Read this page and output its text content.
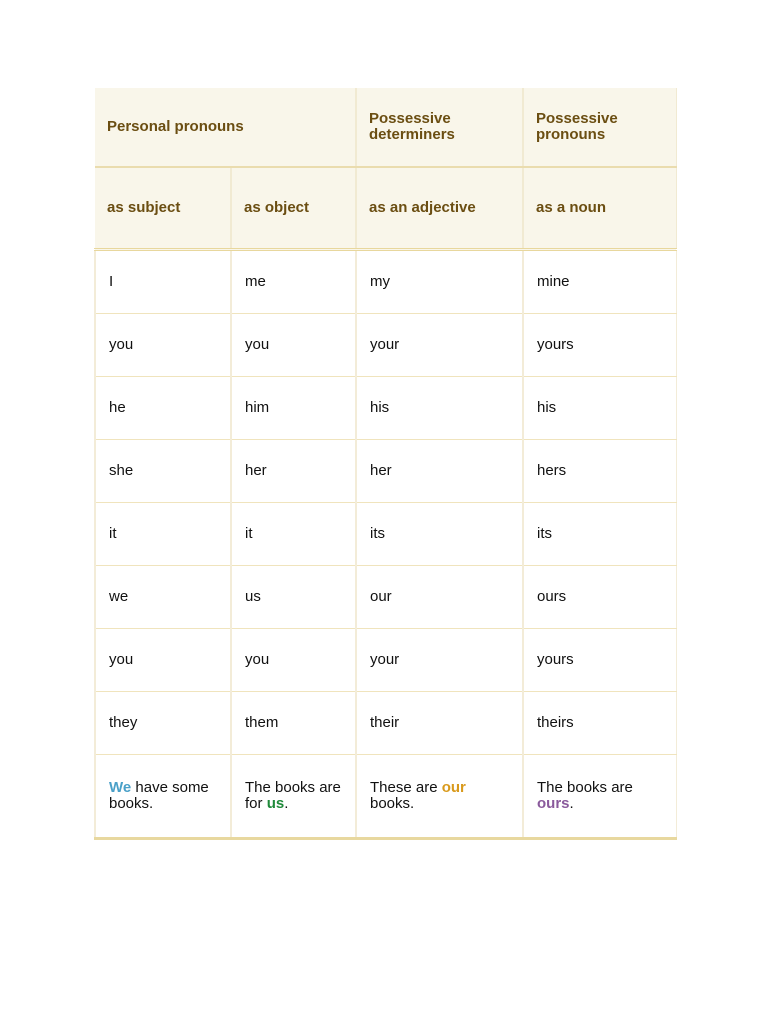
Personal pronouns		Possessive determiners	Possessive pronouns
as subject	as object	as an adjective	as a noun
I	me	my	mine
you	you	your	yours
he	him	his	his
she	her	her	hers
it	it	its	its
we	us	our	ours
you	you	your	yours
they	them	their	theirs
We have some books.	The books are for us.	These are our books.	The books are ours.
